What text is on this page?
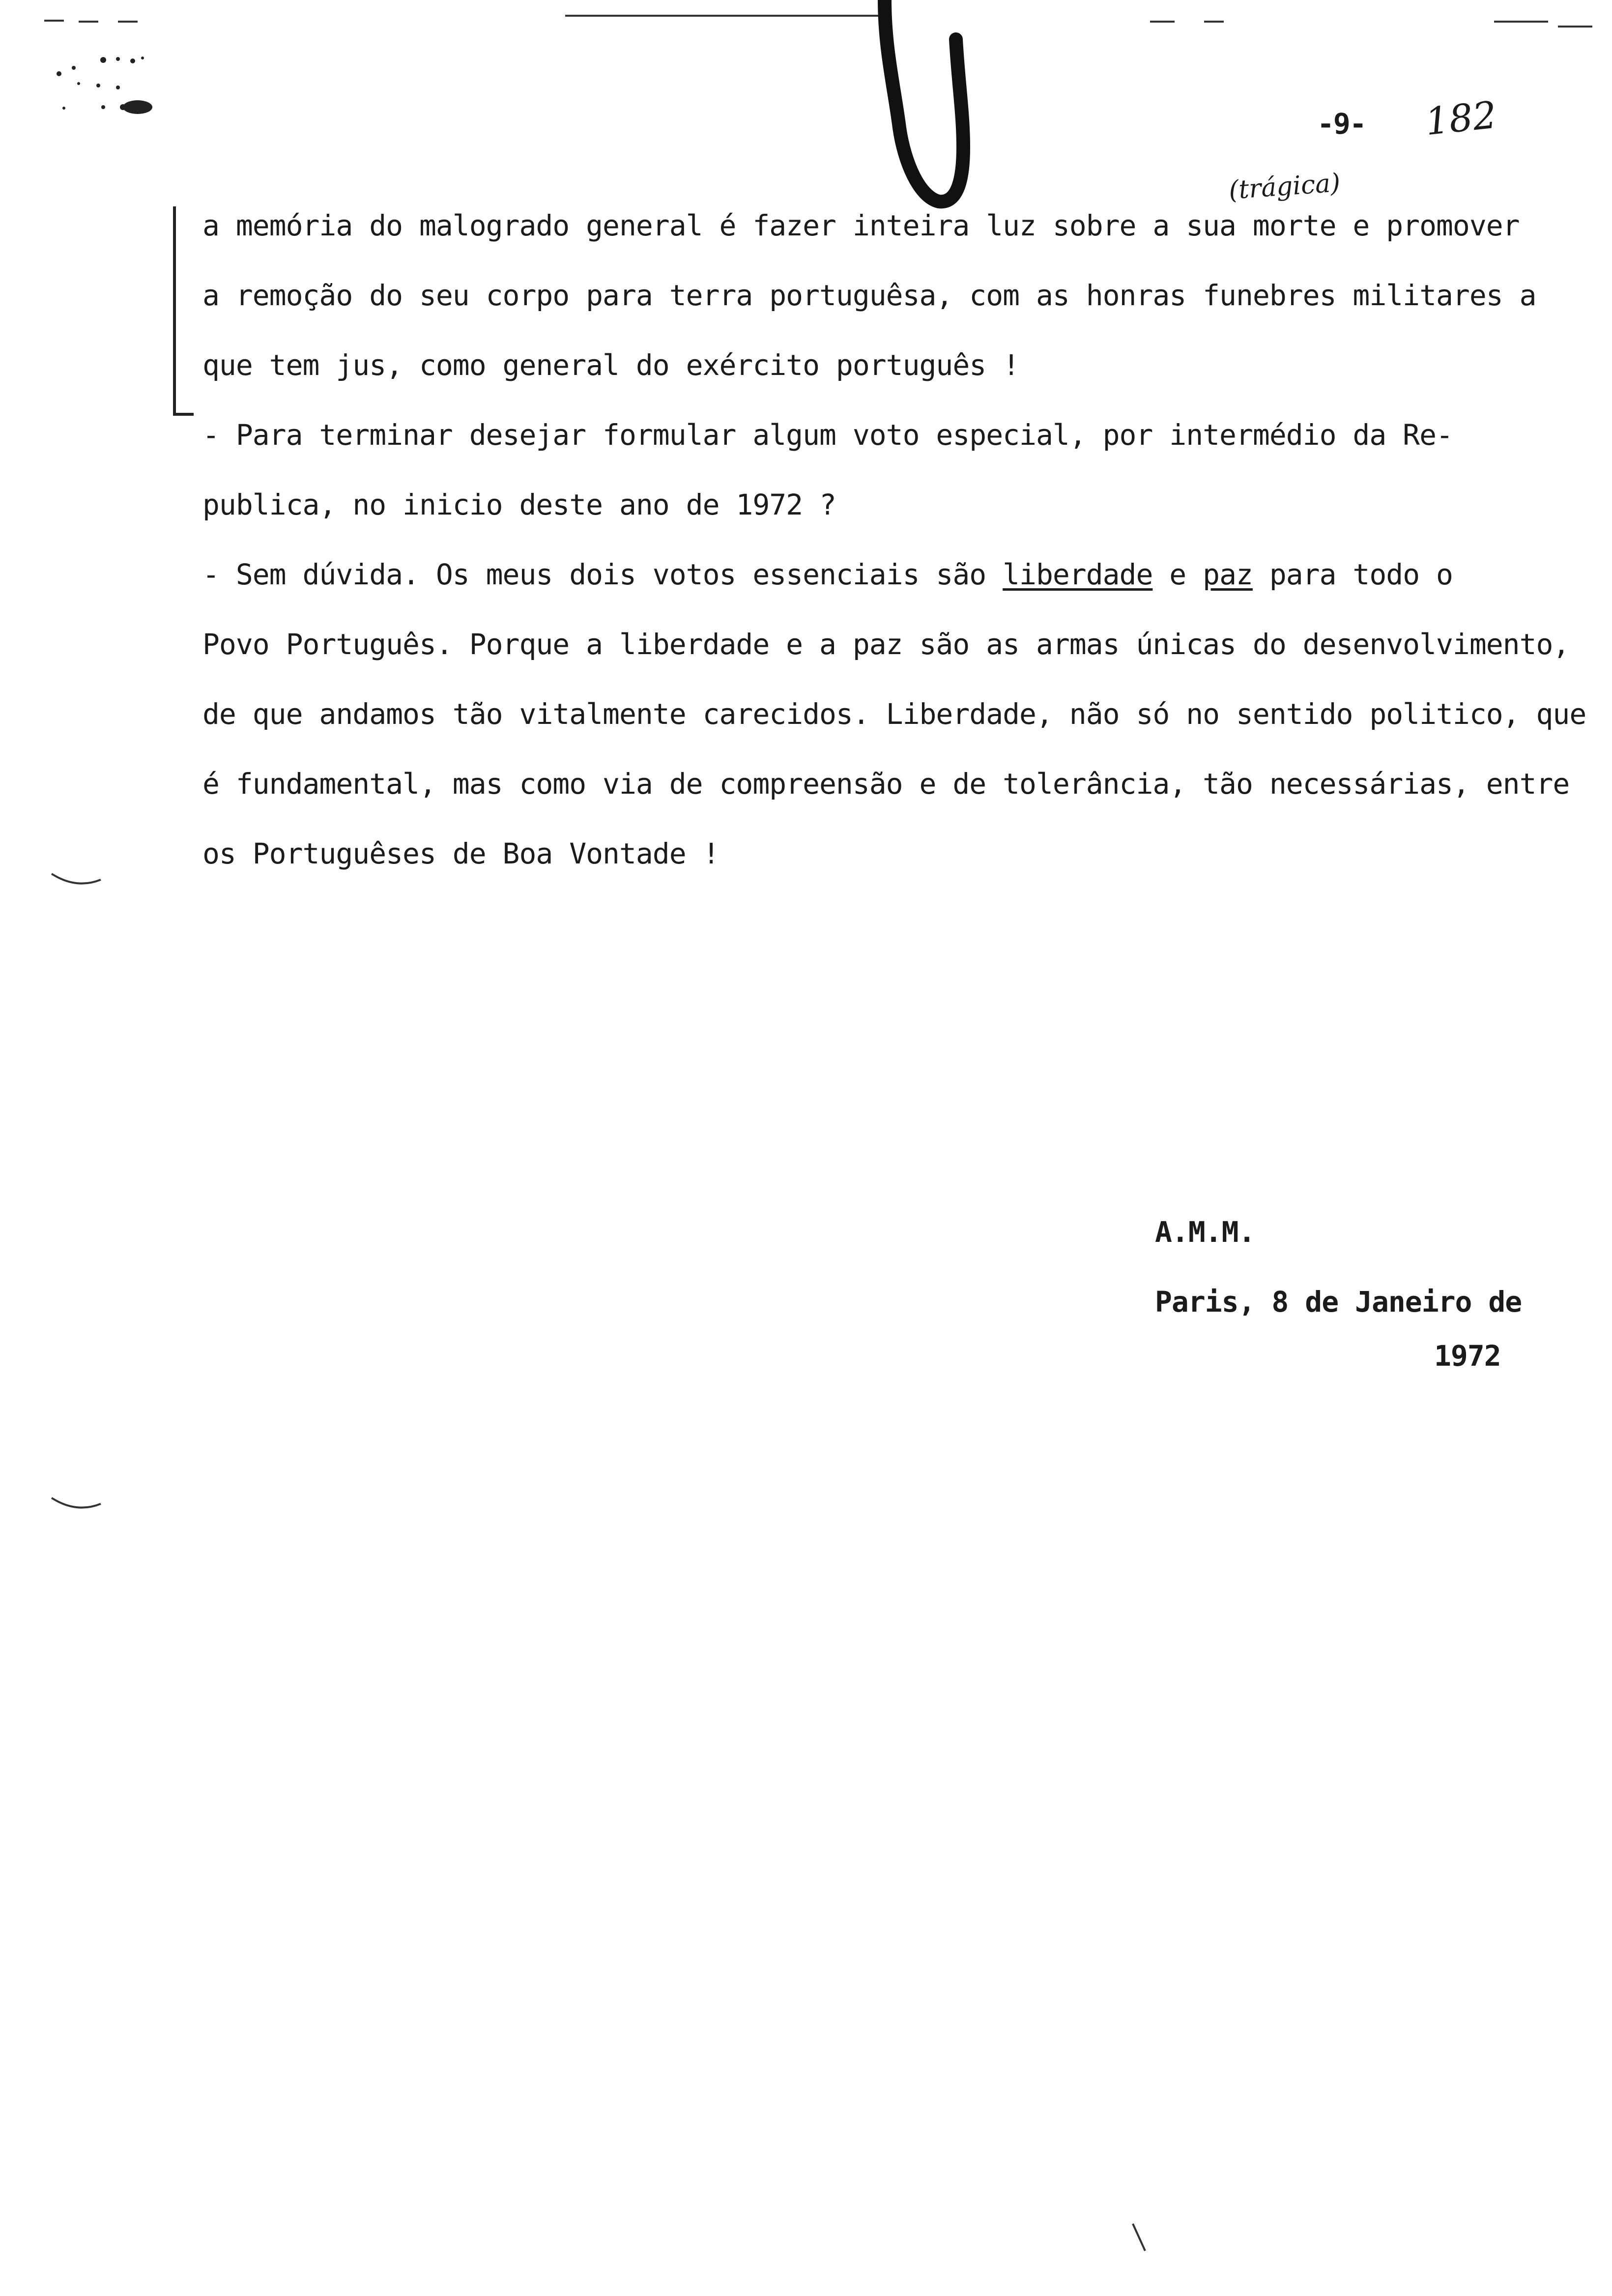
-9- 182

(trágica)

a memória do malogrado general é fazer inteira luz sobre a sua morte e promover

a remoção do seu corpo para terra portuguêsa, com as honras funebres militares a

que tem jus, como general do exército português !

- Para terminar desejar formular algum voto especial, por intermédio da Re-

publica, no inicio deste ano de 1972 ?

- Sem dúvida. Os meus dois votos essenciais são liberdade e paz para todo o

Povo Português. Porque a liberdade e a paz são as armas únicas do desenvolvimento,

de que andamos tão vitalmente carecidos. Liberdade, não só no sentido politico, que

é fundamental, mas como via de compreensão e de tolerância, tão necessárias, entre

os Portuguêses de Boa Vontade !

A.M.M.

Paris, 8 de Janeiro de

1972
